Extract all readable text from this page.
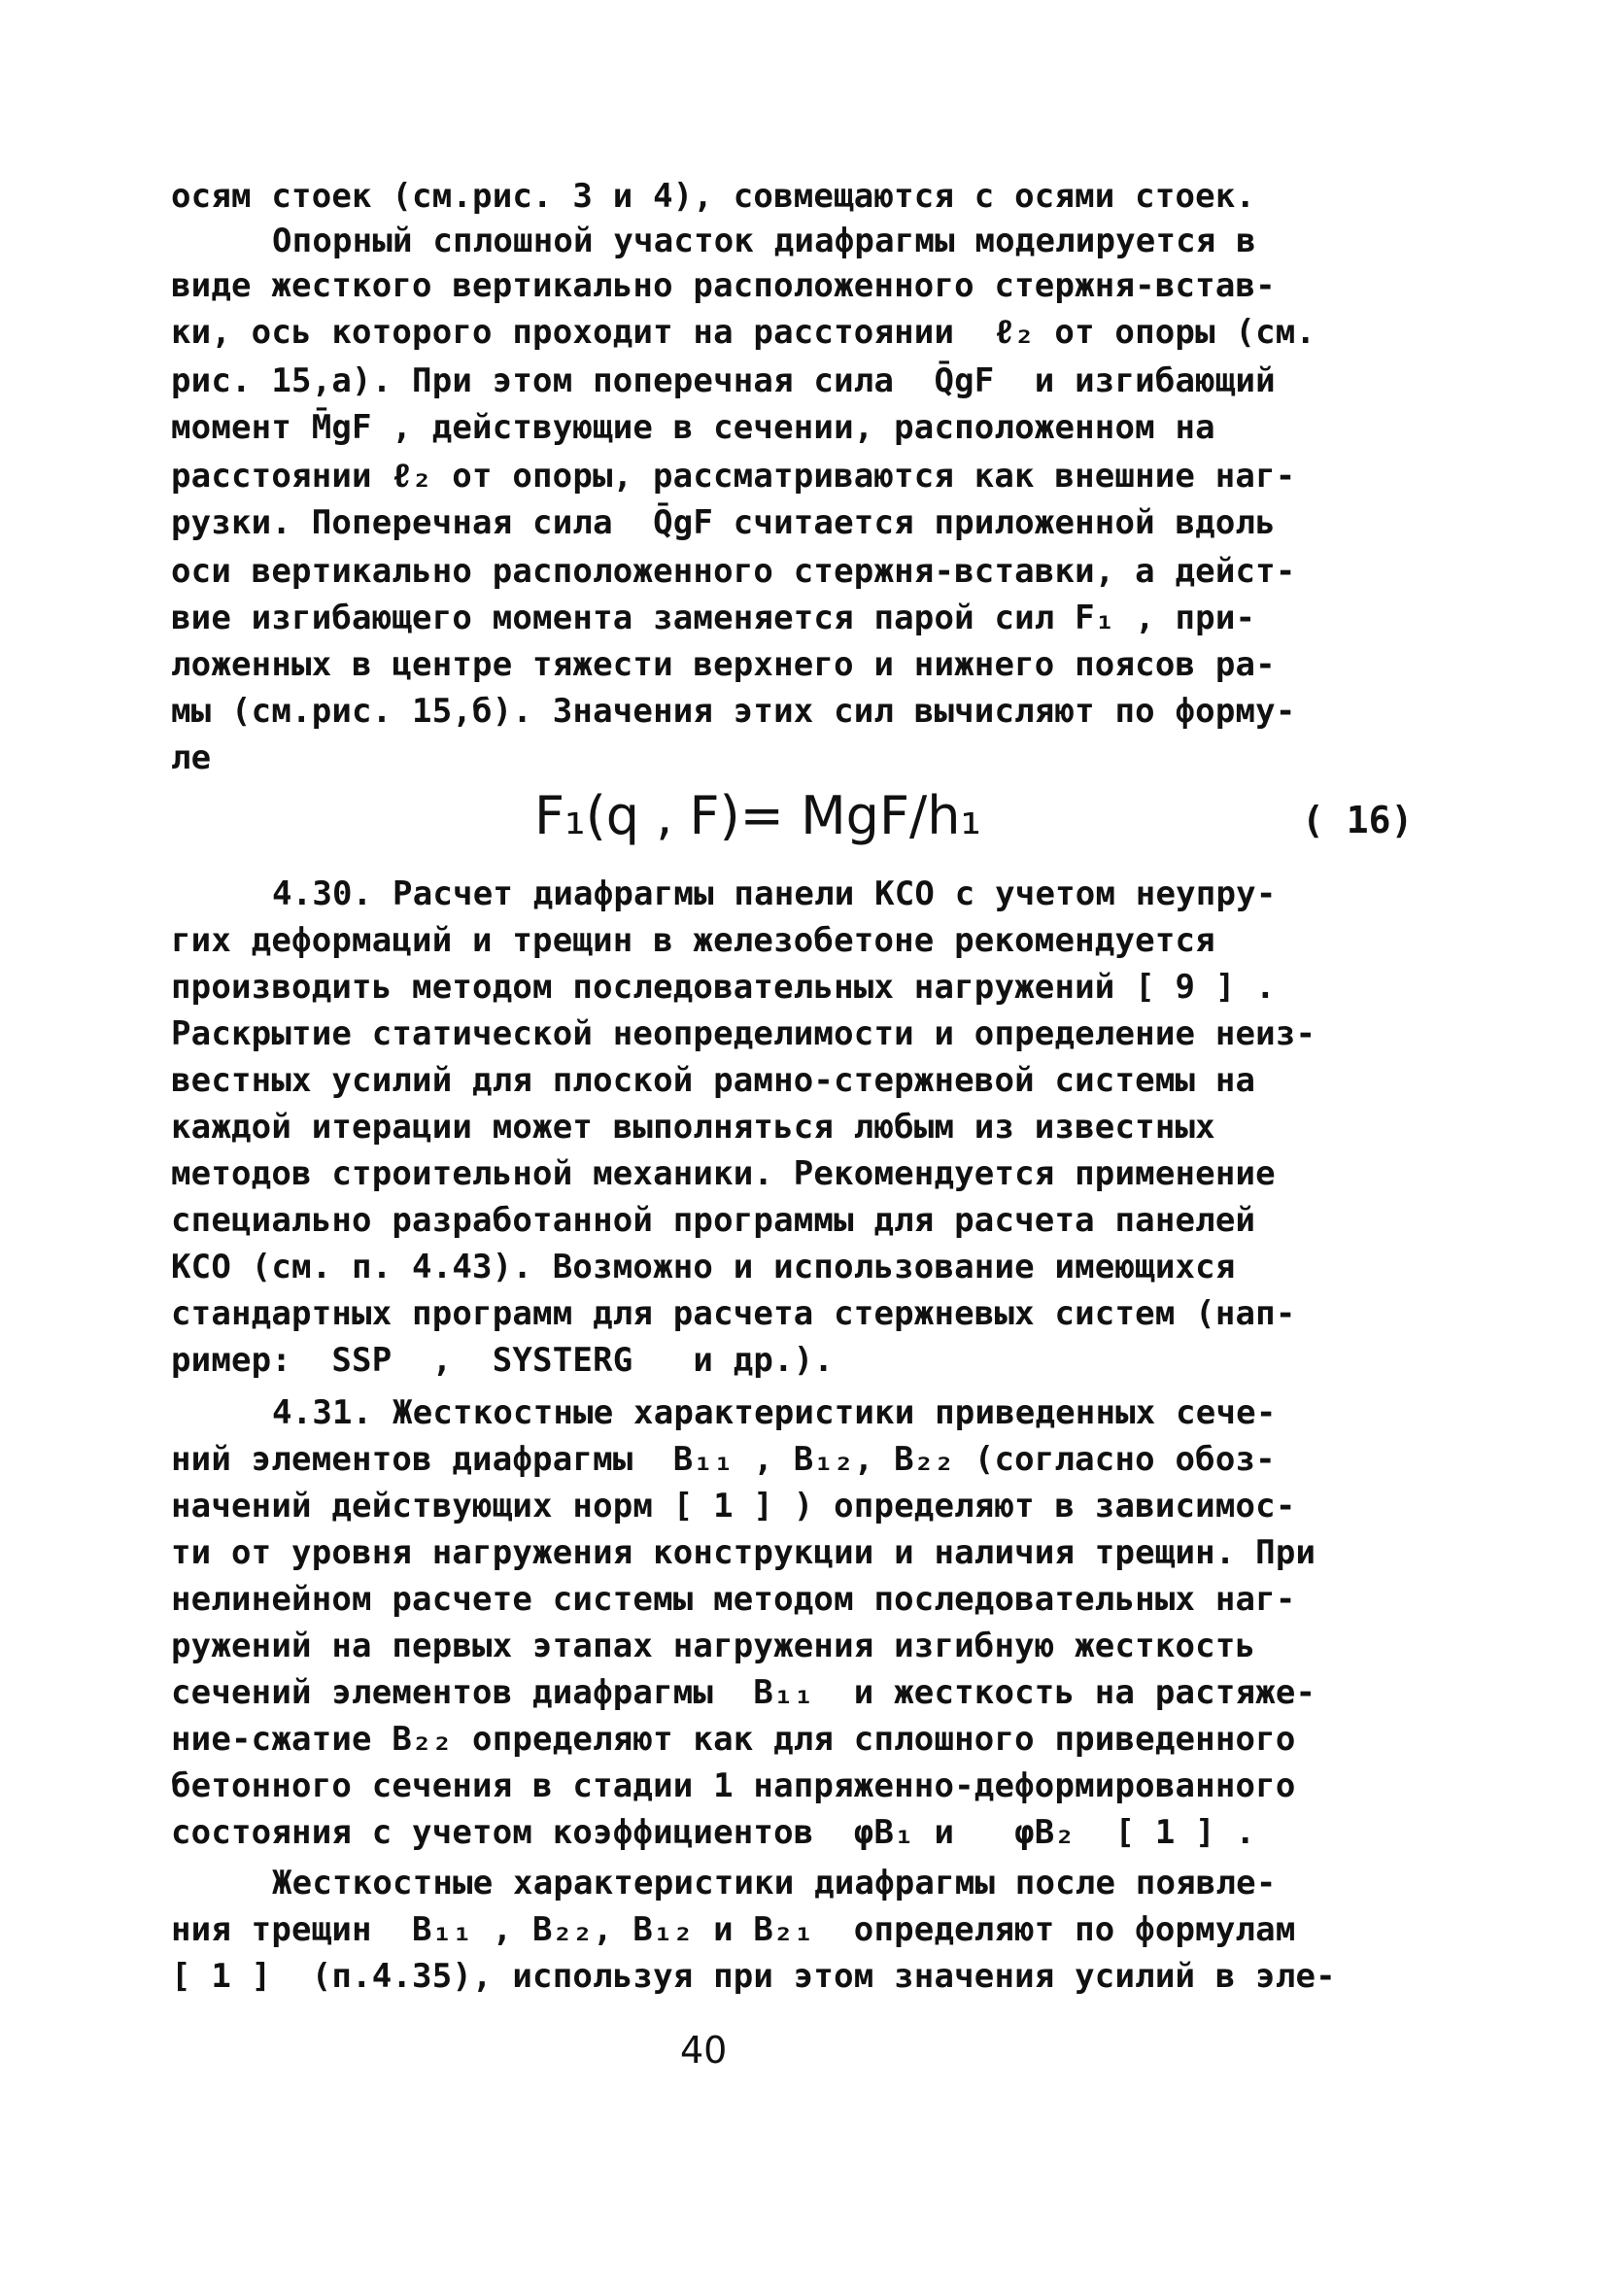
осям стоек (см.рис. 3 и 4), совмещаются с осями стоек.
Опорный сплошной участок диафрагмы моделируется в
виде жесткого вертикально расположенного стержня-встав-
ки, ось которого проходит на расстоянии  ℓ₂ от опоры (см.
рис. 15,а). При этом поперечная сила  Q̄gF  и изгибающий
момент M̄gF , действующие в сечении, расположенном на
расстоянии ℓ₂ от опоры, рассматриваются как внешние наг-
рузки. Поперечная сила  Q̄gF считается приложенной вдоль
оси вертикально расположенного стержня-вставки, а дейст-
вие изгибающего момента заменяется парой сил F₁ , при-
ложенных в центре тяжести верхнего и нижнего поясов ра-
мы (см.рис. 15,б). Значения этих сил вычисляют по форму-
ле
F₁(q , F)= MgF/h₁	( 16)
4.30. Расчет диафрагмы панели КСО с учетом неупру-
гих деформаций и трещин в железобетоне рекомендуется
производить методом последовательных нагружений [ 9 ] .
Раскрытие статической неопределимости и определение неиз-
вестных усилий для плоской рамно-стержневой системы на
каждой итерации может выполняться любым из известных
методов строительной механики. Рекомендуется применение
специально разработанной программы для расчета панелей
КСО (см. п. 4.43). Возможно и использование имеющихся
стандартных программ для расчета стержневых систем (нап-
ример:  SSP  ,  SYSTERG   и др.).
4.31. Жесткостные характеристики приведенных сече-
ний элементов диафрагмы  B₁₁ , B₁₂, B₂₂ (согласно обоз-
начений действующих норм [ 1 ] ) определяют в зависимос-
ти от уровня нагружения конструкции и наличия трещин. При
нелинейном расчете системы методом последовательных наг-
ружений на первых этапах нагружения изгибную жесткость
сечений элементов диафрагмы  B₁₁  и жесткость на растяже-
ние-сжатие B₂₂ определяют как для сплошного приведенного
бетонного сечения в стадии 1 напряженно-деформированного
состояния с учетом коэффициентов  φB₁ и   φB₂  [ 1 ] .
Жесткостные характеристики диафрагмы после появле-
ния трещин  B₁₁ , B₂₂, B₁₂ и B₂₁  определяют по формулам
[ 1 ]  (п.4.35), используя при этом значения усилий в эле-
40
